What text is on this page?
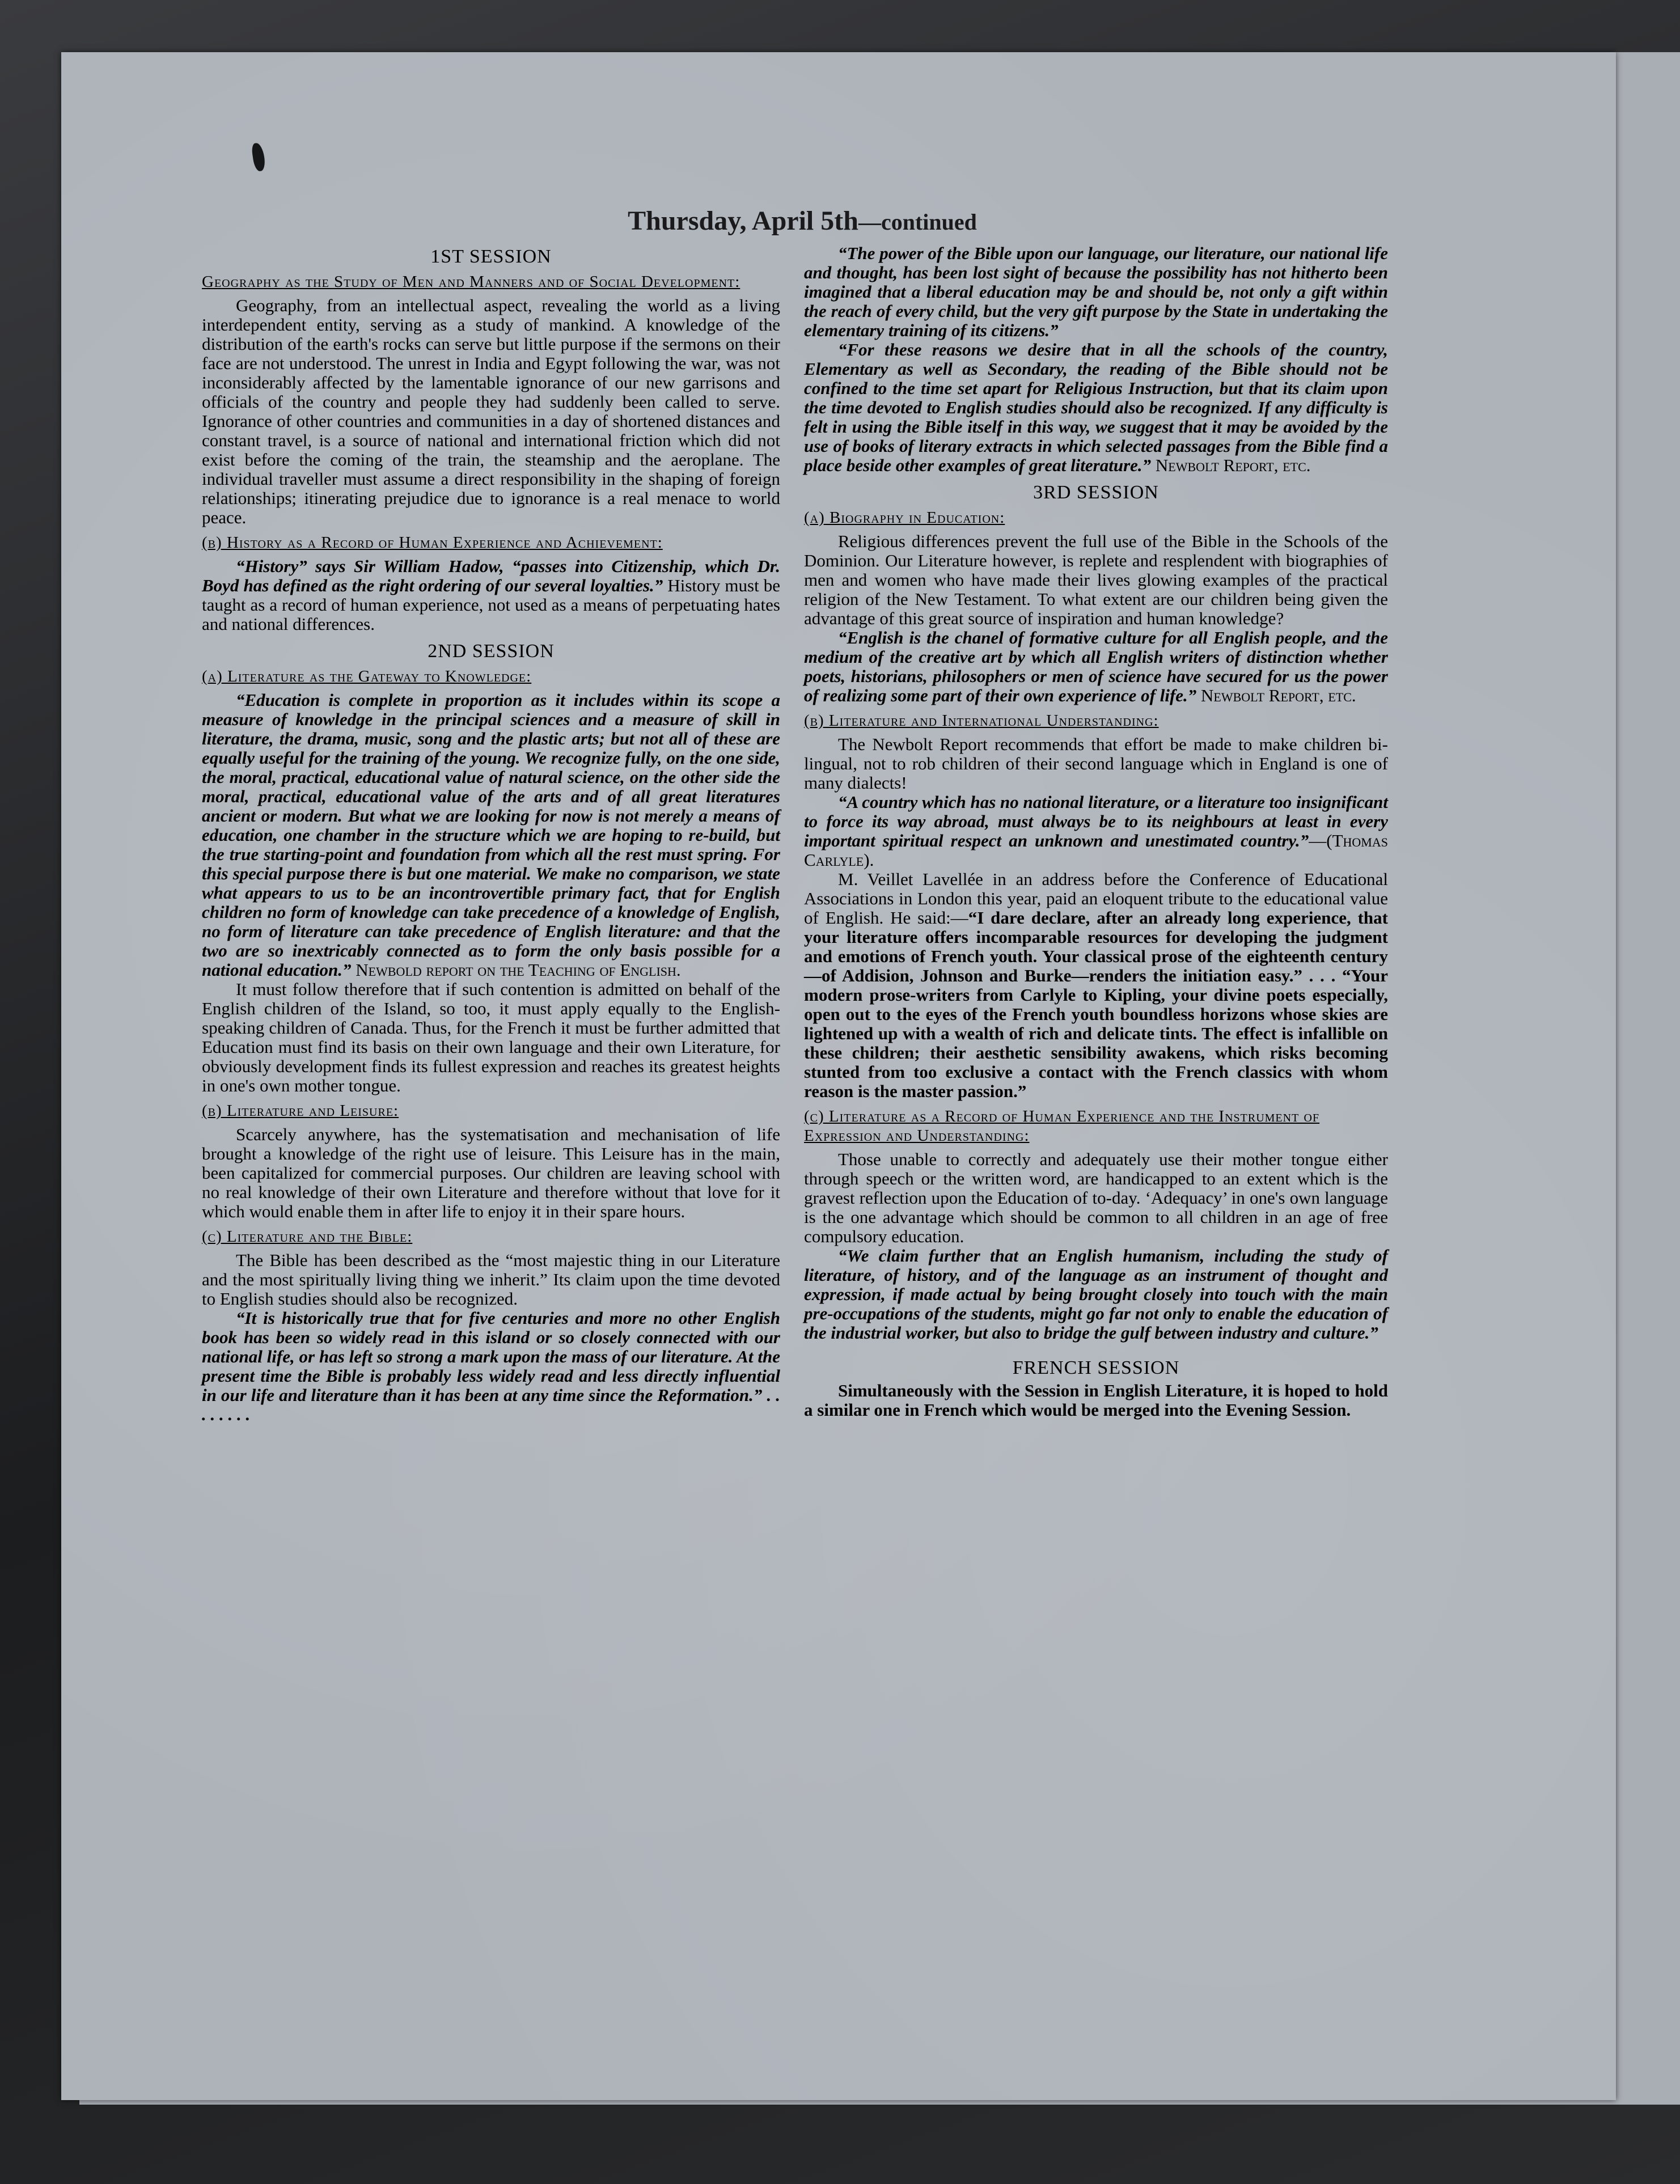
Thursday, April 5th—continued
1ST SESSION
Geography as the Study of Men and Manners and of Social Development:

Geography, from an intellectual aspect, revealing the world as a living interdependent entity, serving as a study of mankind. A knowledge of the distribution of the earth's rocks can serve but little purpose if the sermons on their face are not understood. The unrest in India and Egypt following the war, was not inconsiderably affected by the lamentable ignorance of our new garrisons and officials of the country and people they had suddenly been called to serve. Ignorance of other countries and communities in a day of shortened distances and constant travel, is a source of national and international friction which did not exist before the coming of the train, the steamship and the aeroplane. The individual traveller must assume a direct responsibility in the shaping of foreign relationships; itinerating prejudice due to ignorance is a real menace to world peace.

(b) History as a Record of Human Experience and Achievement:

“History” says Sir William Hadow, “passes into Citizenship, which Dr. Boyd has defined as the right ordering of our several loyalties.” History must be taught as a record of human experience, not used as a means of perpetuating hates and national differences.

2ND SESSION
(a) Literature as the Gateway to Knowledge:

“Education is complete in proportion as it includes within its scope a measure of knowledge in the principal sciences and a measure of skill in literature, the drama, music, song and the plastic arts; but not all of these are equally useful for the training of the young. We recognize fully, on the one side, the moral, practical, educational value of natural science, on the other side the moral, practical, educational value of the arts and of all great literatures ancient or modern. But what we are looking for now is not merely a means of education, one chamber in the structure which we are hoping to re-build, but the true starting-point and foundation from which all the rest must spring. For this special purpose there is but one material. We make no comparison, we state what appears to us to be an incontrovertible primary fact, that for English children no form of knowledge can take precedence of a knowledge of English, no form of literature can take precedence of English literature: and that the two are so inextricably connected as to form the only basis possible for a national education.” Newbold report on the Teaching of English.

It must follow therefore that if such contention is admitted on behalf of the English children of the Island, so too, it must apply equally to the English-speaking children of Canada. Thus, for the French it must be further admitted that Education must find its basis on their own language and their own Literature, for obviously development finds its fullest expression and reaches its greatest heights in one's own mother tongue.

(b) Literature and Leisure:

Scarcely anywhere, has the systematisation and mechanisation of life brought a knowledge of the right use of leisure. This Leisure has in the main, been capitalized for commercial purposes. Our children are leaving school with no real knowledge of their own Literature and therefore without that love for it which would enable them in after life to enjoy it in their spare hours.

(c) Literature and the Bible:

The Bible has been described as the “most majestic thing in our Literature and the most spiritually living thing we inherit.” Its claim upon the time devoted to English studies should also be recognized.

“It is historically true that for five centuries and more no other English book has been so widely read in this island or so closely connected with our national life, or has left so strong a mark upon the mass of our literature. At the present time the Bible is probably less widely read and less directly influential in our life and literature than it has been at any time since the Reformation.” . . . . . . . .

“The power of the Bible upon our language, our literature, our national life and thought, has been lost sight of because the possibility has not hitherto been imagined that a liberal education may be and should be, not only a gift within the reach of every child, but the very gift purpose by the State in undertaking the elementary training of its citizens.”

“For these reasons we desire that in all the schools of the country, Elementary as well as Secondary, the reading of the Bible should not be confined to the time set apart for Religious Instruction, but that its claim upon the time devoted to English studies should also be recognized. If any difficulty is felt in using the Bible itself in this way, we suggest that it may be avoided by the use of books of literary extracts in which selected passages from the Bible find a place beside other examples of great literature.” Newbolt Report, etc.

3RD SESSION
(a) Biography in Education:

Religious differences prevent the full use of the Bible in the Schools of the Dominion. Our Literature however, is replete and resplendent with biographies of men and women who have made their lives glowing examples of the practical religion of the New Testament. To what extent are our children being given the advantage of this great source of inspiration and human knowledge?

“English is the chanel of formative culture for all English people, and the medium of the creative art by which all English writers of distinction whether poets, historians, philosophers or men of science have secured for us the power of realizing some part of their own experience of life.” Newbolt Report, etc.

(b) Literature and International Understanding:

The Newbolt Report recommends that effort be made to make children bi-lingual, not to rob children of their second language which in England is one of many dialects!

“A country which has no national literature, or a literature too insignificant to force its way abroad, must always be to its neighbours at least in every important spiritual respect an unknown and unestimated country.”—(Thomas Carlyle).

M. Veillet Lavellée in an address before the Conference of Educational Associations in London this year, paid an eloquent tribute to the educational value of English. He said:—“I dare declare, after an already long experience, that your literature offers incomparable resources for developing the judgment and emotions of French youth. Your classical prose of the eighteenth century —of Addision, Johnson and Burke—renders the initiation easy.” . . . “Your modern prose-writers from Carlyle to Kipling, your divine poets especially, open out to the eyes of the French youth boundless horizons whose skies are lightened up with a wealth of rich and delicate tints. The effect is infallible on these children; their aesthetic sensibility awakens, which risks becoming stunted from too exclusive a contact with the French classics with whom reason is the master passion.”

(c) Literature as a Record of Human Experience and the Instrument of Expression and Understanding:

Those unable to correctly and adequately use their mother tongue either through speech or the written word, are handicapped to an extent which is the gravest reflection upon the Education of to-day. ‘Adequacy’ in one's own language is the one advantage which should be common to all children in an age of free compulsory education.

“We claim further that an English humanism, including the study of literature, of history, and of the language as an instrument of thought and expression, if made actual by being brought closely into touch with the main pre-occupations of the students, might go far not only to enable the education of the industrial worker, but also to bridge the gulf between industry and culture.”

FRENCH SESSION

Simultaneously with the Session in English Literature, it is hoped to hold a similar one in French which would be merged into the Evening Session.
